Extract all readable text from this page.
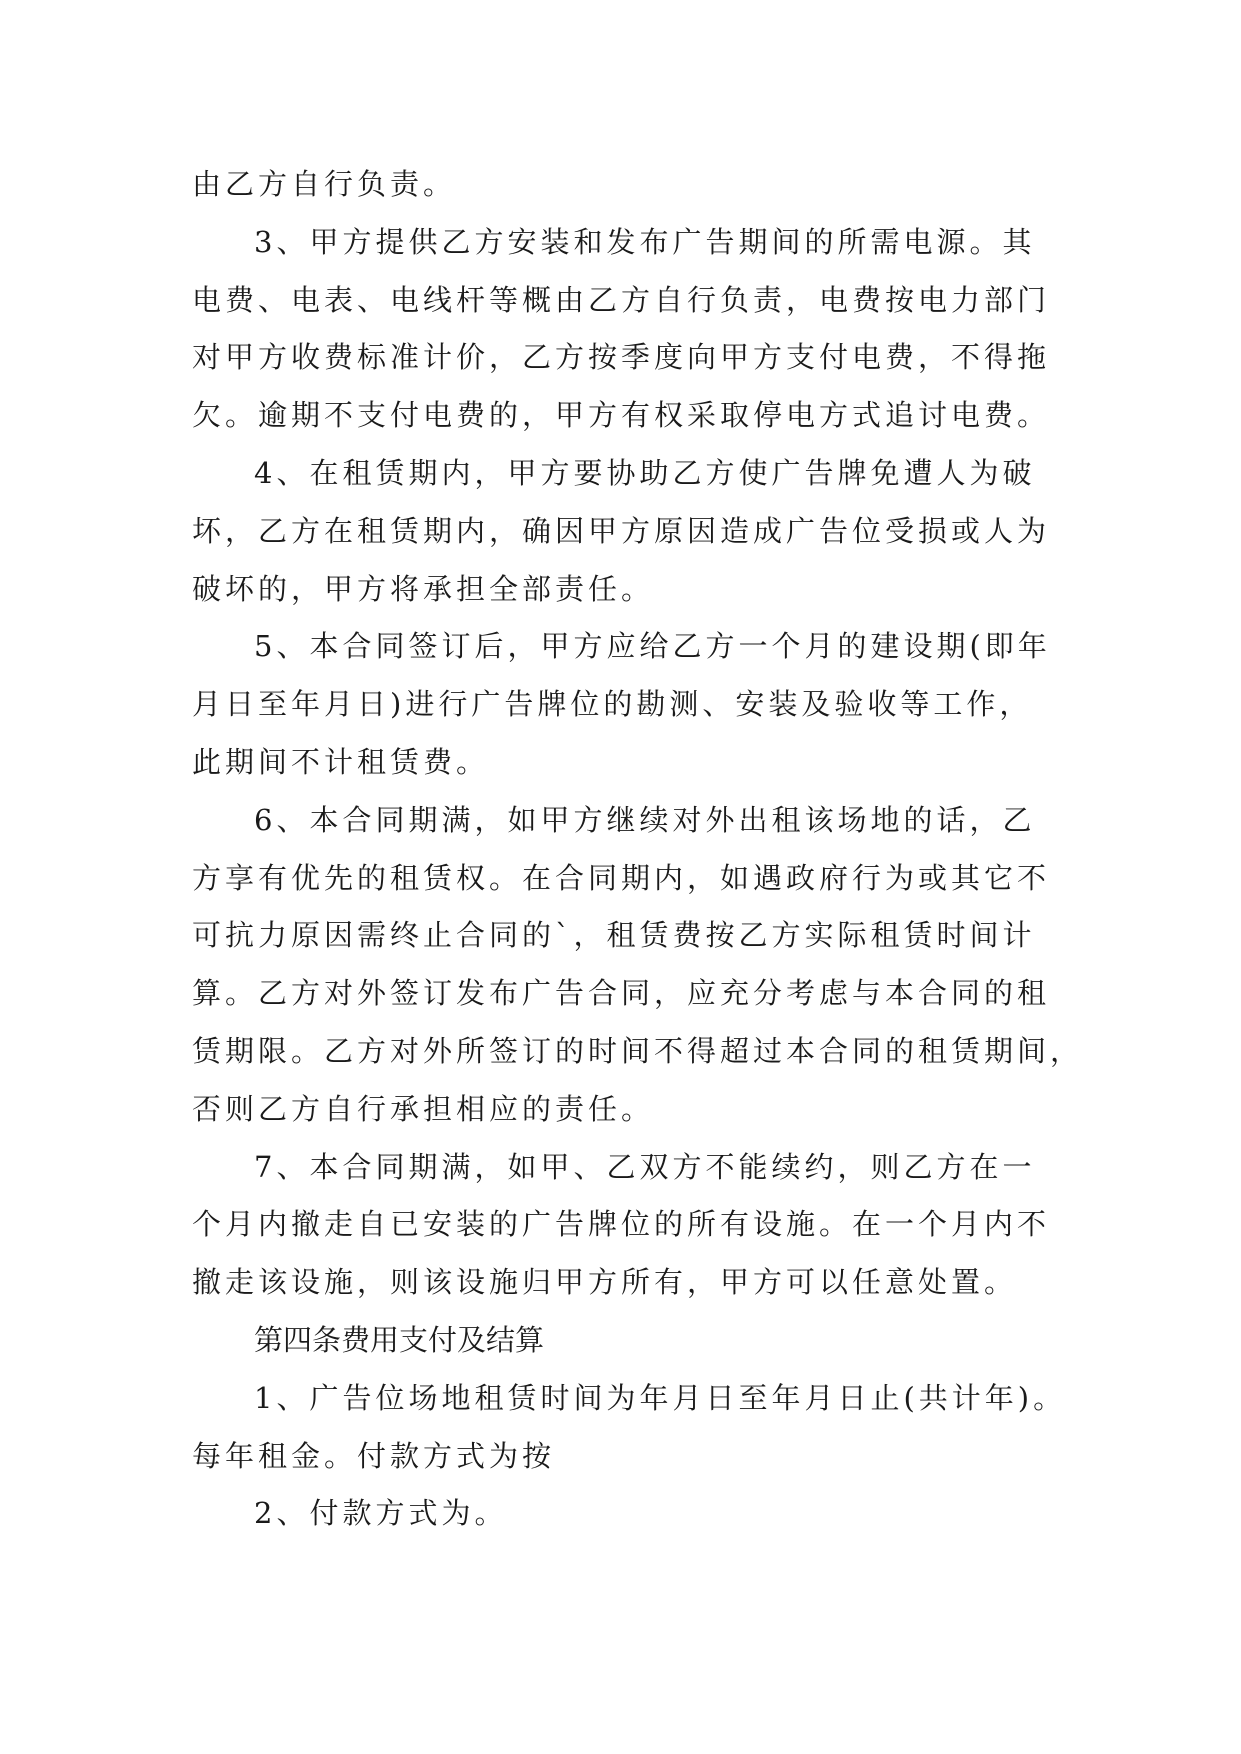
由乙方自行负责。
3、甲方提供乙方安装和发布广告期间的所需电源。其
电费、电表、电线杆等概由乙方自行负责，电费按电力部门
对甲方收费标准计价，乙方按季度向甲方支付电费，不得拖
欠。逾期不支付电费的，甲方有权采取停电方式追讨电费。
4、在租赁期内，甲方要协助乙方使广告牌免遭人为破
坏，乙方在租赁期内，确因甲方原因造成广告位受损或人为
破坏的，甲方将承担全部责任。
5、本合同签订后，甲方应给乙方一个月的建设期(即年
月日至年月日)进行广告牌位的勘测、安装及验收等工作，
此期间不计租赁费。
6、本合同期满，如甲方继续对外出租该场地的话，乙
方享有优先的租赁权。在合同期内，如遇政府行为或其它不
可抗力原因需终止合同的`，租赁费按乙方实际租赁时间计
算。乙方对外签订发布广告合同，应充分考虑与本合同的租
赁期限。乙方对外所签订的时间不得超过本合同的租赁期间，
否则乙方自行承担相应的责任。
7、本合同期满，如甲、乙双方不能续约，则乙方在一
个月内撤走自已安装的广告牌位的所有设施。在一个月内不
撤走该设施，则该设施归甲方所有，甲方可以任意处置。
第四条费用支付及结算
1、广告位场地租赁时间为年月日至年月日止(共计年)。
每年租金。付款方式为按
2、付款方式为。
